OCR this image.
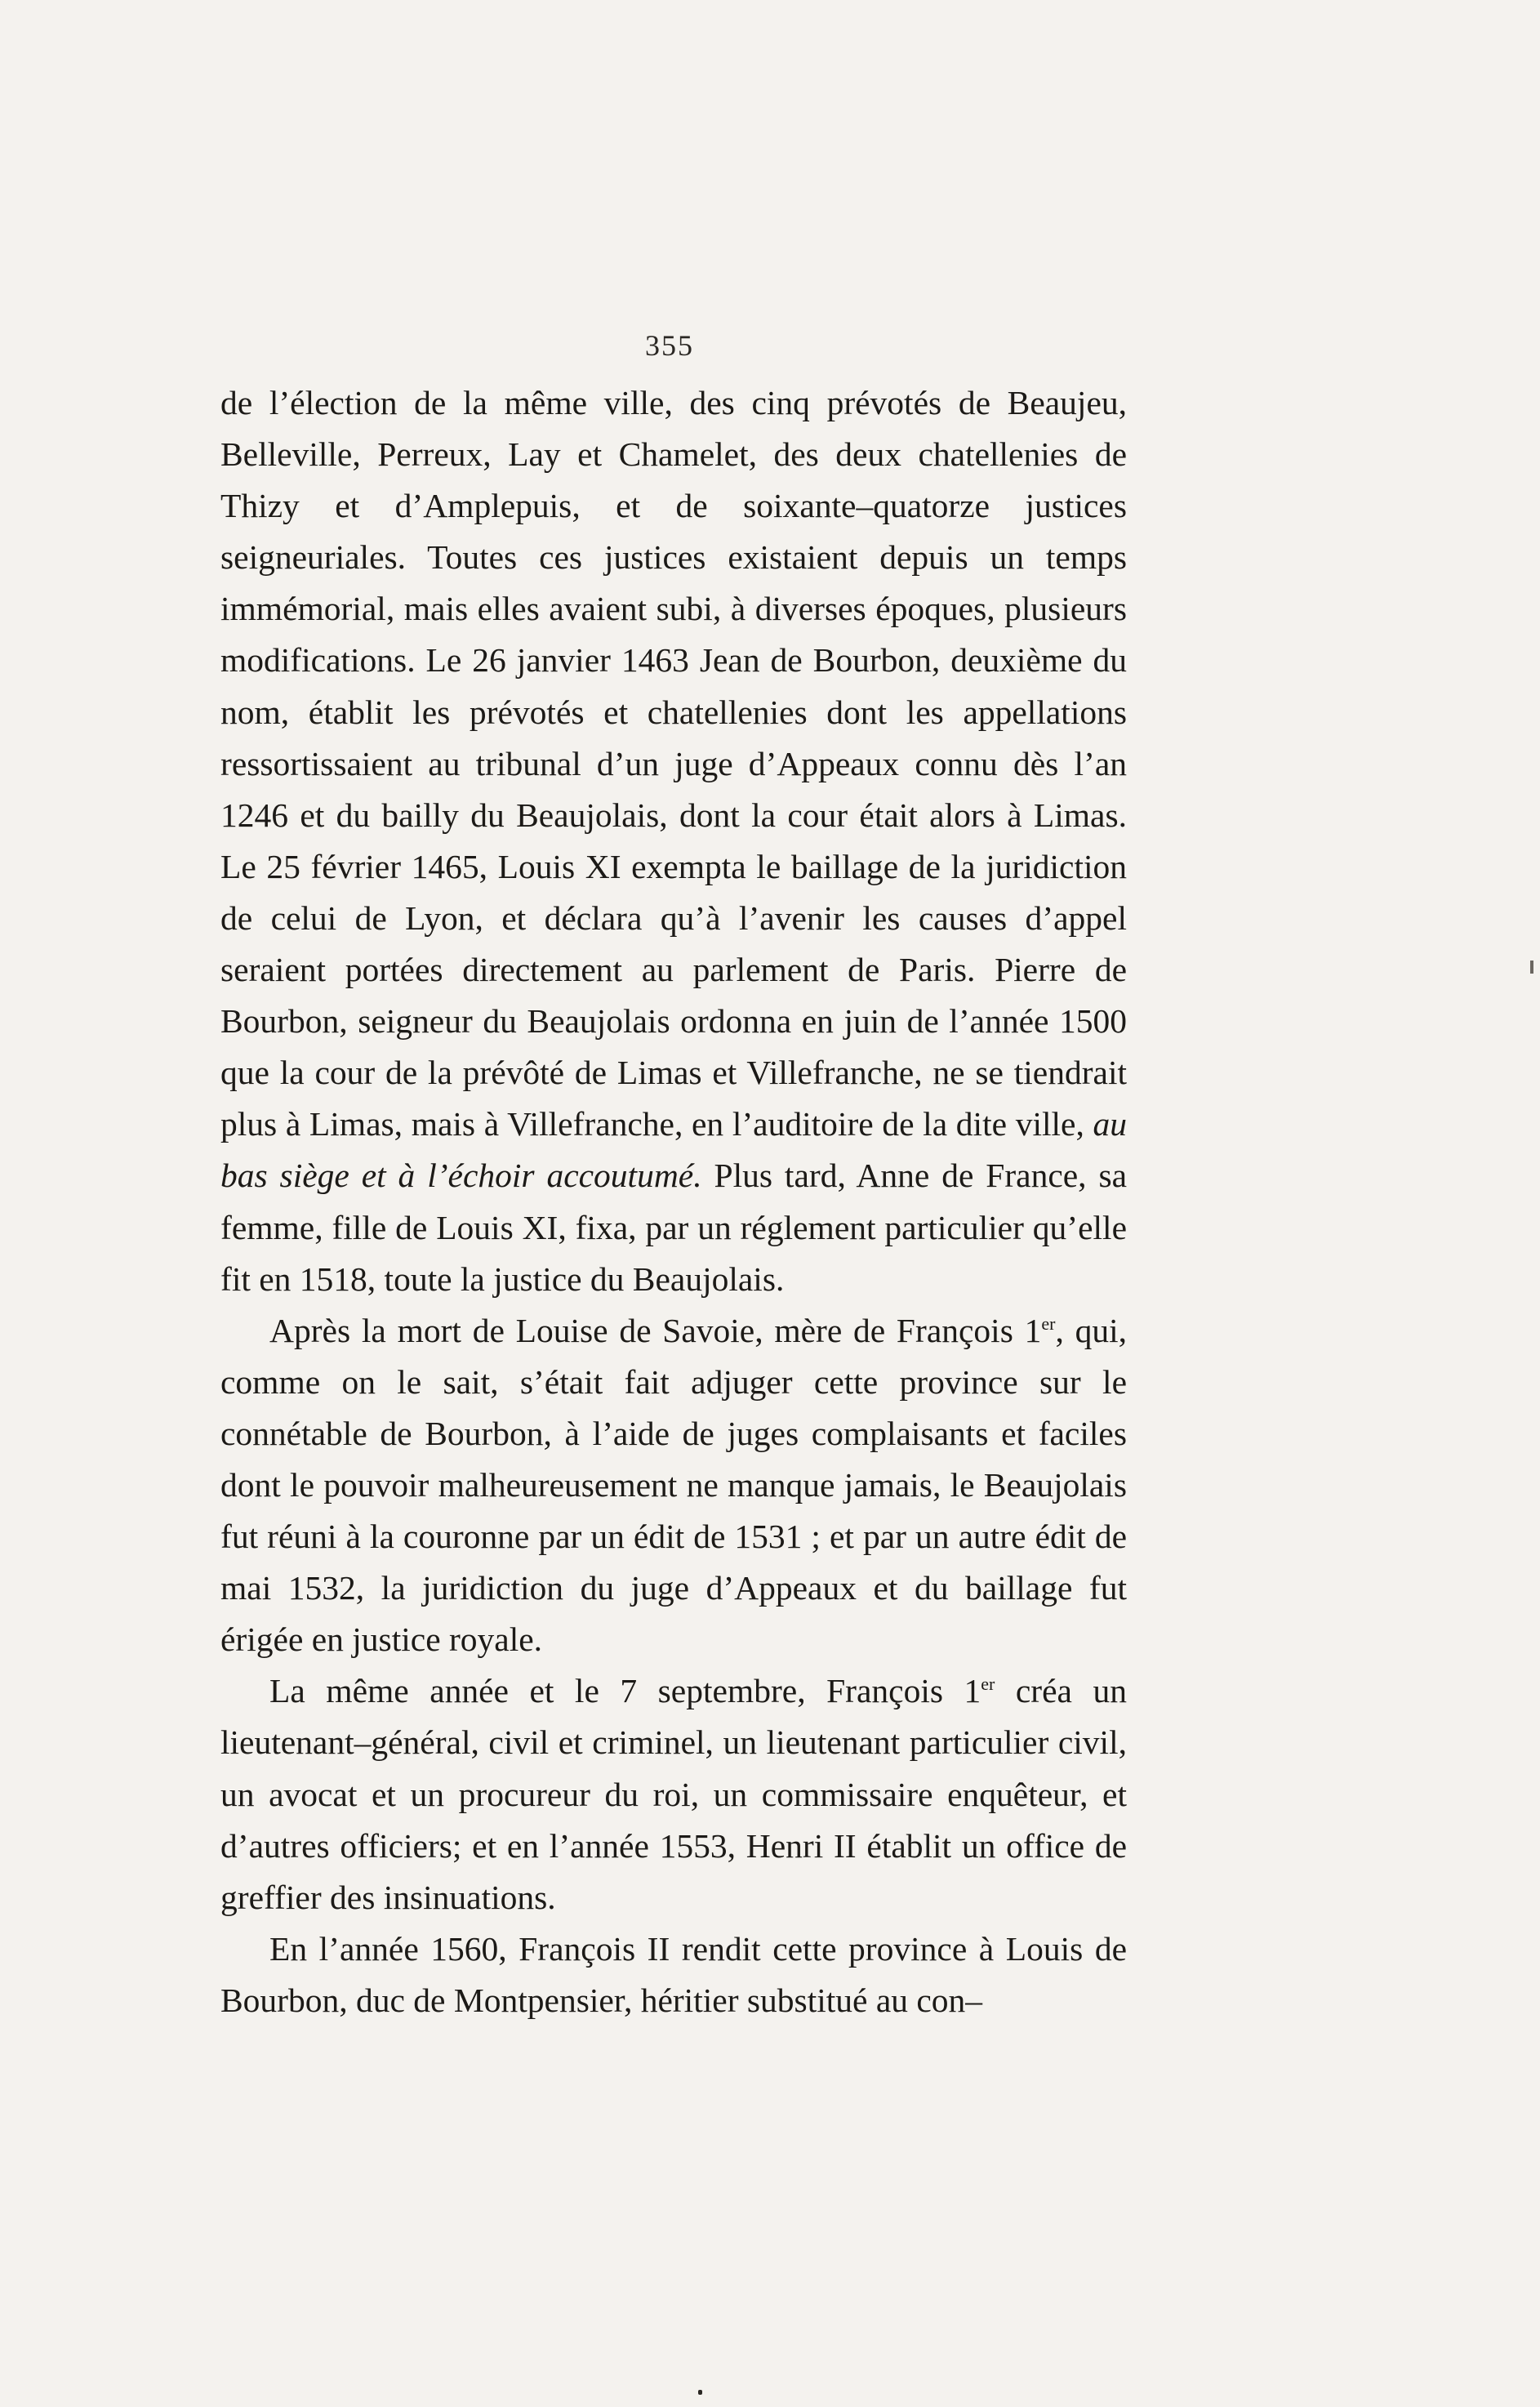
355

de l’élection de la même ville, des cinq prévotés de Beaujeu, Belleville, Perreux, Lay et Chamelet, des deux chatellenies de Thizy et d’Amplepuis, et de soixante–quatorze justices seigneuriales. Toutes ces justices existaient depuis un temps immémorial, mais elles avaient subi, à diverses époques, plusieurs modifications. Le 26 janvier 1463 Jean de Bourbon, deuxième du nom, établit les prévotés et chatellenies dont les appellations ressortissaient au tribunal d’un juge d’Appeaux connu dès l’an 1246 et du bailly du Beaujolais, dont la cour était alors à Limas. Le 25 février 1465, Louis XI exempta le baillage de la juridiction de celui de Lyon, et déclara qu’à l’avenir les causes d’appel seraient portées directement au parlement de Paris. Pierre de Bourbon, seigneur du Beaujolais ordonna en juin de l’année 1500 que la cour de la prévôté de Limas et Villefranche, ne se tiendrait plus à Limas, mais à Villefranche, en l’auditoire de la dite ville, au bas siège et à l’échoir accoutumé. Plus tard, Anne de France, sa femme, fille de Louis XI, fixa, par un réglement particulier qu’elle fit en 1518, toute la justice du Beaujolais.

Après la mort de Louise de Savoie, mère de François 1er, qui, comme on le sait, s’était fait adjuger cette province sur le connétable de Bourbon, à l’aide de juges complaisants et faciles dont le pouvoir malheureusement ne manque jamais, le Beaujolais fut réuni à la couronne par un édit de 1531 ; et par un autre édit de mai 1532, la juridiction du juge d’Appeaux et du baillage fut érigée en justice royale.

La même année et le 7 septembre, François 1er créa un lieutenant–général, civil et criminel, un lieutenant particulier civil, un avocat et un procureur du roi, un commissaire enquêteur, et d’autres officiers; et en l’année 1553, Henri II établit un office de greffier des insinuations.

En l’année 1560, François II rendit cette province à Louis de Bourbon, duc de Montpensier, héritier substitué au con–
